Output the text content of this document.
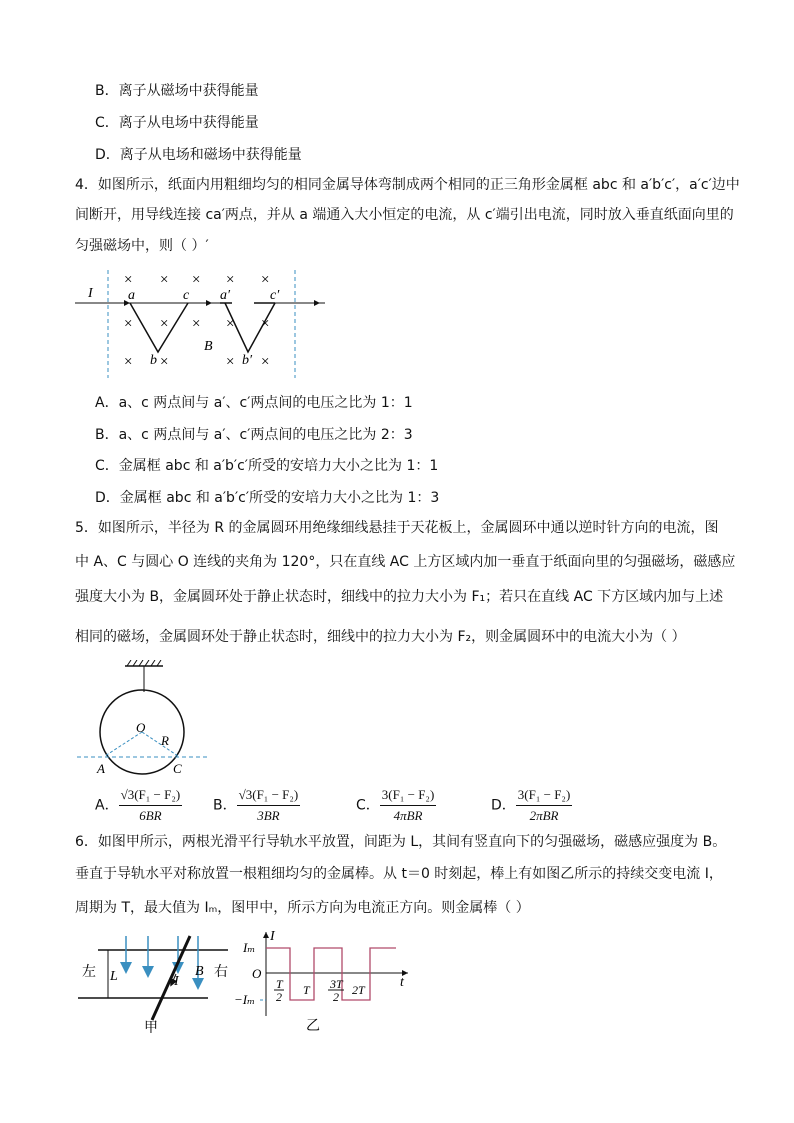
B．离子从磁场中获得能量
C．离子从电场中获得能量
D．离子从电场和磁场中获得能量
4．如图所示，纸面内用粗细均匀的相同金属导体弯制成两个相同的正三角形金属框 abc 和 a′b′c′，a′c′边中
间断开，用导线连接 ca′两点，并从 a 端通入大小恒定的电流，从 c′端引出电流，同时放入垂直纸面向里的
匀强磁场中，则（ ）′
I	a	c a′	c′
b	b′
B
× × × × ×
× × × × ×
× ×	× ×
A．a、c 两点间与 a′、c′两点间的电压之比为 1：1
B．a、c 两点间与 a′、c′两点间的电压之比为 2：3
C．金属框 abc 和 a′b′c′所受的安培力大小之比为 1：1
D．金属框 abc 和 a′b′c′所受的安培力大小之比为 1：3
5．如图所示，半径为 R 的金属圆环用绝缘细线悬挂于天花板上，金属圆环中通以逆时针方向的电流，图
中 A、C 与圆心 O 连线的夹角为 120°，只在直线 AC 上方区域内加一垂直于纸面向里的匀强磁场，磁感应
强度大小为 B，金属圆环处于静止状态时，细线中的拉力大小为 F₁；若只在直线 AC 下方区域内加与上述
相同的磁场，金属圆环处于静止状态时，细线中的拉力大小为 F₂，则金属圆环中的电流大小为（ ）
O
R
A	C
A． $\frac{\text{√3(F₁ − F₂)}}{6BR}$ B． $\frac{\text{√3(F₁ − F₂)}}{3BR}$	C． $\frac{\text{3(F₁ − F₂)}}{\text{4πBR}}$	D． $\frac{\text{3(F₁ − F₂)}}{\text{2πBR}}$
6．如图甲所示，两根光滑平行导轨水平放置，间距为 L，其间有竖直向下的匀强磁场，磁感应强度为 B。
垂直于导轨水平对称放置一根粗细均匀的金属棒。从 t＝0 时刻起，棒上有如图乙所示的持续交变电流 I，
周期为 T，最大值为 Iₘ，图甲中，所示方向为电流正方向。则金属棒（ ）
左	右
L	I
B
甲
I
Iₘ
O
−Iₘ
t
T
2 T 3T
2 2T
乙
